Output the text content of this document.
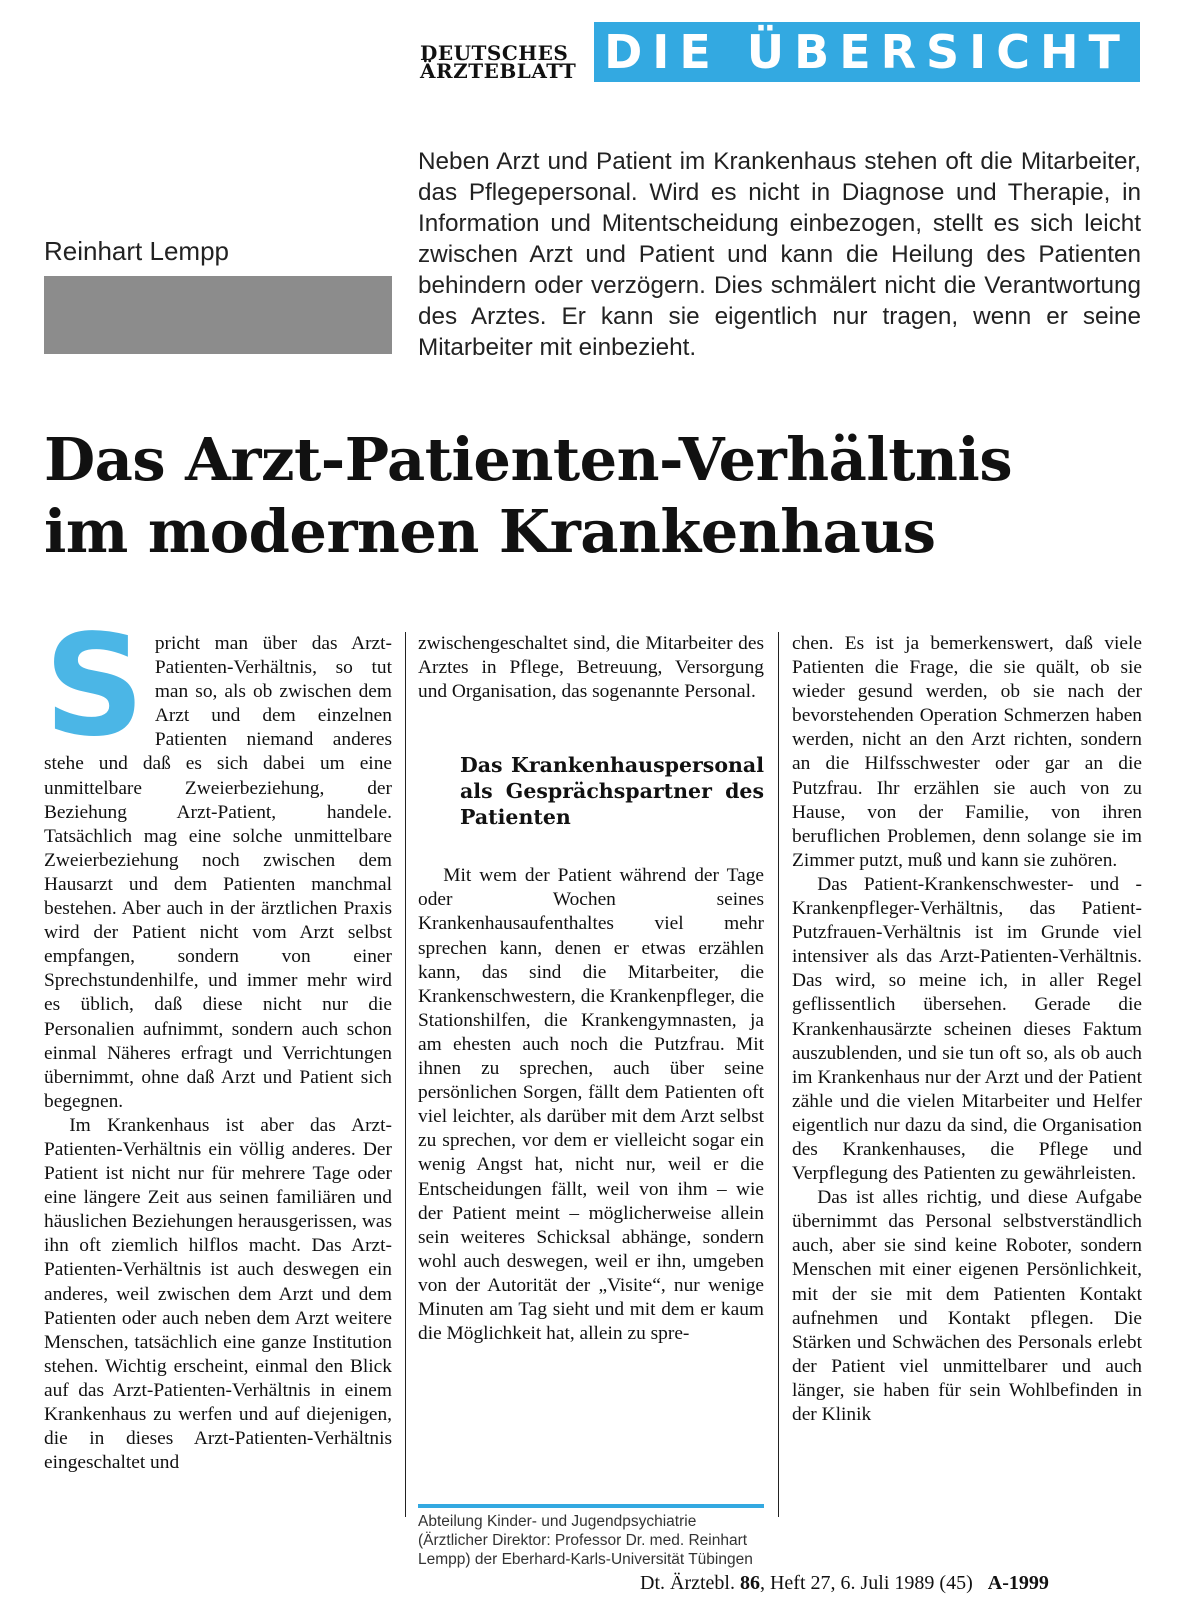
DEUTSCHES
ÄRZTEBLATT DIE ÜBERSICHT
Reinhart Lempp
Neben Arzt und Patient im Krankenhaus stehen oft die Mitarbeiter, das Pflegepersonal. Wird es nicht in Diagnose und Therapie, in Information und Mitentscheidung einbezogen, stellt es sich leicht zwischen Arzt und Patient und kann die Heilung des Patienten behindern oder verzögern. Dies schmälert nicht die Verantwortung des Arztes. Er kann sie eigentlich nur tragen, wenn er seine Mitarbeiter mit einbezieht.
Das Arzt-Patienten-Verhältnis
im modernen Krankenhaus
S pricht man über das Arzt-Patienten-Verhältnis, so tut man so, als ob zwischen dem Arzt und dem einzelnen Patienten niemand anderes stehe und daß es sich dabei um eine unmittelbare Zweierbeziehung, der Beziehung Arzt-Patient, handele. Tatsächlich mag eine solche unmittelbare Zweierbeziehung noch zwischen dem Hausarzt und dem Patienten manchmal bestehen. Aber auch in der ärztlichen Praxis wird der Patient nicht vom Arzt selbst empfangen, sondern von einer Sprechstundenhilfe, und immer mehr wird es üblich, daß diese nicht nur die Personalien aufnimmt, sondern auch schon einmal Näheres erfragt und Verrichtungen übernimmt, ohne daß Arzt und Patient sich begegnen.

Im Krankenhaus ist aber das Arzt-Patienten-Verhältnis ein völlig anderes. Der Patient ist nicht nur für mehrere Tage oder eine längere Zeit aus seinen familiären und häuslichen Beziehungen herausgerissen, was ihn oft ziemlich hilflos macht. Das Arzt-Patienten-Verhältnis ist auch deswegen ein anderes, weil zwischen dem Arzt und dem Patienten oder auch neben dem Arzt weitere Menschen, tatsächlich eine ganze Institution stehen. Wichtig erscheint, einmal den Blick auf das Arzt-Patienten-Verhältnis in einem Krankenhaus zu werfen und auf diejenigen, die in dieses Arzt-Patienten-Verhältnis eingeschaltet und

zwischengeschaltet sind, die Mitarbeiter des Arztes in Pflege, Betreuung, Versorgung und Organisation, das sogenannte Personal.

Das Krankenhauspersonal als Gesprächspartner des Patienten

Mit wem der Patient während der Tage oder Wochen seines Krankenhausaufenthaltes viel mehr sprechen kann, denen er etwas erzählen kann, das sind die Mitarbeiter, die Krankenschwestern, die Krankenpfleger, die Stationshilfen, die Krankengymnasten, ja am ehesten auch noch die Putzfrau. Mit ihnen zu sprechen, auch über seine persönlichen Sorgen, fällt dem Patienten oft viel leichter, als darüber mit dem Arzt selbst zu sprechen, vor dem er vielleicht sogar ein wenig Angst hat, nicht nur, weil er die Entscheidungen fällt, weil von ihm – wie der Patient meint – möglicherweise allein sein weiteres Schicksal abhänge, sondern wohl auch deswegen, weil er ihn, umgeben von der Autorität der „Visite“, nur wenige Minuten am Tag sieht und mit dem er kaum die Möglichkeit hat, allein zu spre-

chen. Es ist ja bemerkenswert, daß viele Patienten die Frage, die sie quält, ob sie wieder gesund werden, ob sie nach der bevorstehenden Operation Schmerzen haben werden, nicht an den Arzt richten, sondern an die Hilfsschwester oder gar an die Putzfrau. Ihr erzählen sie auch von zu Hause, von der Familie, von ihren beruflichen Problemen, denn solange sie im Zimmer putzt, muß und kann sie zuhören.

Das Patient-Krankenschwester- und -Krankenpfleger-Verhältnis, das Patient-Putzfrauen-Verhältnis ist im Grunde viel intensiver als das Arzt-Patienten-Verhältnis. Das wird, so meine ich, in aller Regel geflissentlich übersehen. Gerade die Krankenhausärzte scheinen dieses Faktum auszublenden, und sie tun oft so, als ob auch im Krankenhaus nur der Arzt und der Patient zähle und die vielen Mitarbeiter und Helfer eigentlich nur dazu da sind, die Organisation des Krankenhauses, die Pflege und Verpflegung des Patienten zu gewährleisten.

Das ist alles richtig, und diese Aufgabe übernimmt das Personal selbstverständlich auch, aber sie sind keine Roboter, sondern Menschen mit einer eigenen Persönlichkeit, mit der sie mit dem Patienten Kontakt aufnehmen und Kontakt pflegen. Die Stärken und Schwächen des Personals erlebt der Patient viel unmittelbarer und auch länger, sie haben für sein Wohlbefinden in der Klinik

Abteilung Kinder- und Jugendpsychiatrie (Ärztlicher Direktor: Professor Dr. med. Reinhart Lempp) der Eberhard-Karls-Universität Tübingen
Dt. Ärztebl. 86, Heft 27, 6. Juli 1989 (45) A-1999
